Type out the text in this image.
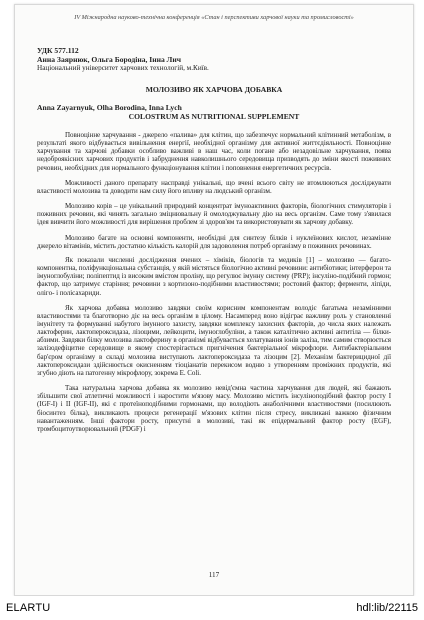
IV Міжнародна науково-технічна конференція «Стан і перспективи харчової науки та промисловості»
УДК 577.112
Анна Заярнюк, Ольга Бородіна, Інна Лич
Національний університет харчових технологій, м.Київ.
МОЛОЗИВО ЯК ХАРЧОВА ДОБАВКА
Anna Zayarnyuk, Olha Borodina, Inna Lych
COLOSTRUM AS NUTRITIONAL SUPPLEMENT

Повноцінне харчування - джерело «палива» для клітин, що забезпечує нормальний клітинний метаболізм, в результаті якого відбувається вивільнення енергії, необхідної організму для активної життєдіяльності. Повноцінне харчування та харчові добавки особливо важливі в наш час, коли погане або незадовільне харчування, поява недоброякісних харчових продуктів і забруднення навколишнього середовища призводять до зміни якості поживних речовин, необхідних для нормального функціонування клітин і поповнення енергетичних ресурсів.

Можливості даного препарату насправді унікальні, що вчені всього світу не втомлюються досліджувати властивості молозива та доводити нам силу його впливу на людський організм.

Молозиво корів – це унікальний природний концентрат імуноактивних факторів, біологічних стимуляторів і поживних речовин, які чинять загально зміцнювальну й омолоджувальну дію на весь організм. Саме тому з'явилася ідея вивчити його можливості для вирішення проблем зі здоров'ям та використовувати як харчову добавку.

Молозиво багате на основні компоненти, необхідні для синтезу білків і нуклеїнових кислот, незамінне джерело вітамінів, містить достатню кількість калорій для задоволення потреб організму в поживних речовинах.

Як показали численні дослідження вчених – хіміків, біологів та медиків [1] – молозиво — багато-компонентна, поліфункціональна субстанція, у якій містяться біологічно активні речовини: антибіотики; інтерферон та імуноглобуліни; поліпептид із високим вмістом проліну, що регулює імунну систему (PRP); інсуліно-подібний гормон; фактор, що затримує старіння; речовини з кортизоно-подібними властивостями; ростовий фактор; ферменти, ліпіди, олігo- і полісахариди.

Як харчова добавка молозиво завдяки своїм корисним компонентам володіє багатьма незамінними властивостями та благотворно діє на весь організм в цілому. Насамперед воно відіграє важливу роль у становленні імунітету та формуванні набутого імунного захисту, завдяки комплексу захисних факторів, до числа яких належать лактоферин, лактопероксидаза, лізоцими, лейкоцити, імуноглобуліни, а також каталітично активні антитіла — білки-абзими. Завдяки білку молозива лактоферину в організмі відбувається хелатування іонів заліза, тим самим створюється залізодефіцитне середовище в якому спостерігається пригнічення бактеріальної мікрофлори. Антибактеріальним бар'єром організму в складі молозива виступають лактопероксидаза та лізоцим [2]. Механізм бактерицидної дії лактопероксидази здійснюється окисненням тіоціанатів перекисом водню з утворенням проміжних продуктів, які згубно діють на патогенну мікрофлору, зокрема E. Coli.

Така натуральна харчова добавка як молозиво невід'ємна частина харчування для людей, які бажають збільшити свої атлетичні можливості і наростити м'язову масу. Молозиво містить інсуліноподібний фактор росту I (IGF-I) і II (IGF-II), які є протеїноподібними гормонами, що володіють анаболічними властивостями (посилюють біосинтез білка), викликають процеси регенерації м'язових клітин після стресу, викликані важкою фізичним навантаженням. Інші фактори росту, присутні в молозиві, такі як епідермальний фактор росту (EGF), тромбоцитоутворювальний (PDGF) і

117
ELARTU	hdl:lib/22115
